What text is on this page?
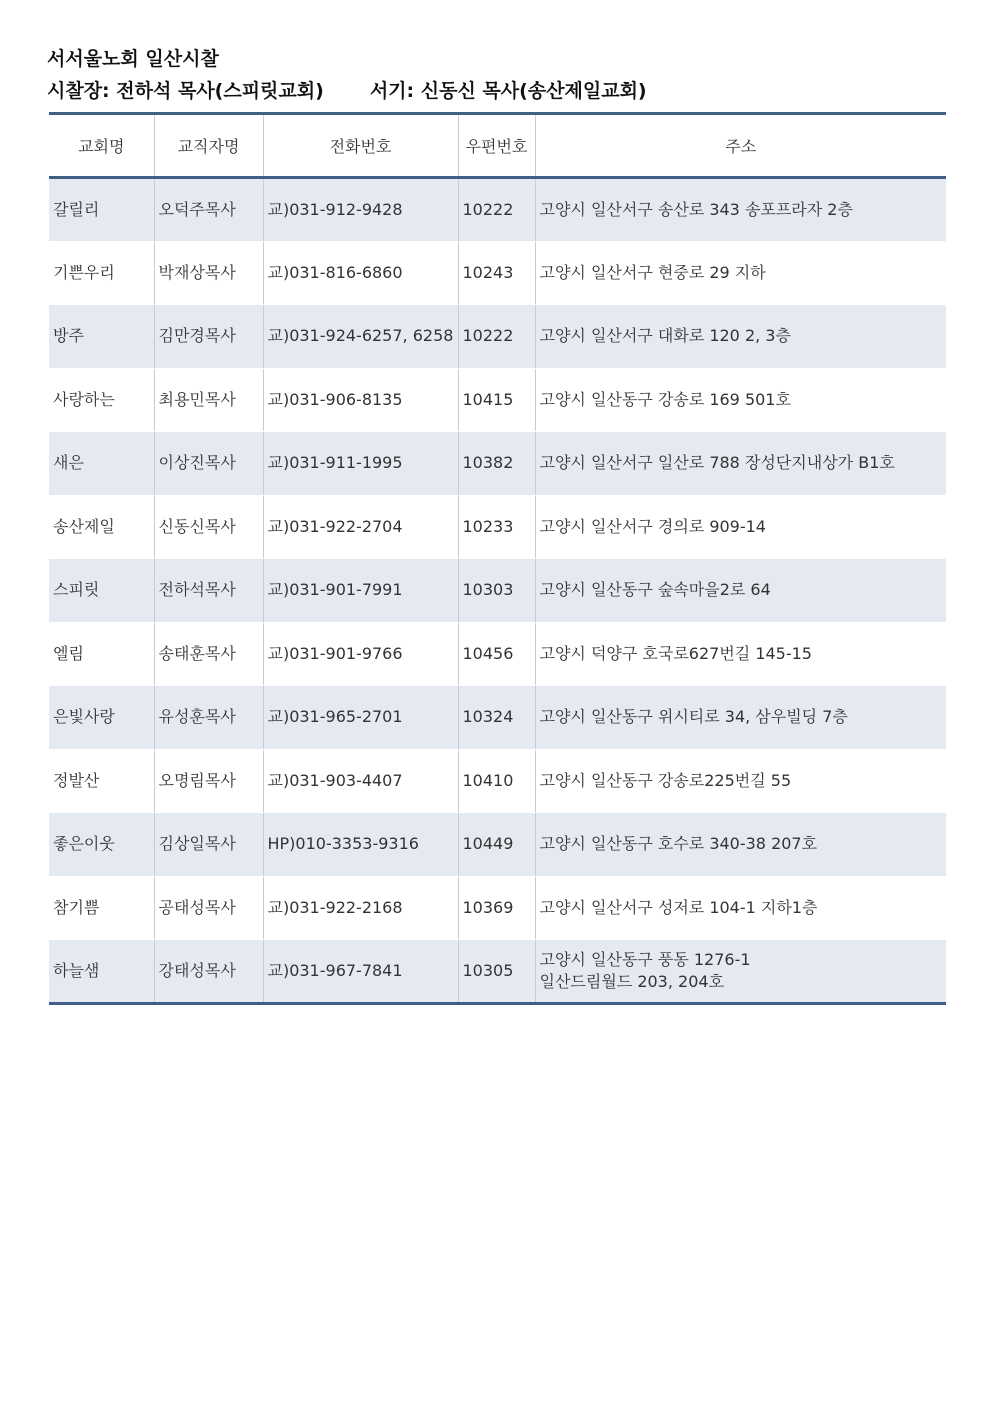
서서울노회 일산시찰
시찰장: 전하석 목사(스피릿교회) 서기: 신동신 목사(송산제일교회)
교회명	교직자명	전화번호	우편번호	주소
갈릴리	오덕주목사	교)031-912-9428	10222	고양시 일산서구 송산로 343 송포프라자 2층

기쁜우리	박재상목사	교)031-816-6860	10243	고양시 일산서구 현중로 29 지하

방주	김만경목사	교)031-924-6257, 6258	10222	고양시 일산서구 대화로 120 2, 3층

사랑하는	최용민목사	교)031-906-8135	10415	고양시 일산동구 강송로 169 501호

새은	이상진목사	교)031-911-1995	10382	고양시 일산서구 일산로 788 장성단지내상가 B1호

송산제일	신동신목사	교)031-922-2704	10233	고양시 일산서구 경의로 909-14

스피릿	전하석목사	교)031-901-7991	10303	고양시 일산동구 숲속마을2로 64

엘림	송태훈목사	교)031-901-9766	10456	고양시 덕양구 호국로627번길 145-15

은빛사랑	유성훈목사	교)031-965-2701	10324	고양시 일산동구 위시티로 34, 삼우빌딩 7층

정발산	오명림목사	교)031-903-4407	10410	고양시 일산동구 강송로225번길 55

좋은이웃	김상일목사	HP)010-3353-9316	10449	고양시 일산동구 호수로 340-38 207호

참기쁨	공태성목사	교)031-922-2168	10369	고양시 일산서구 성저로 104-1 지하1층

하늘샘	강태성목사	교)031-967-7841	10305	고양시 일산동구 풍동 1276-1
일산드림월드 203, 204호
